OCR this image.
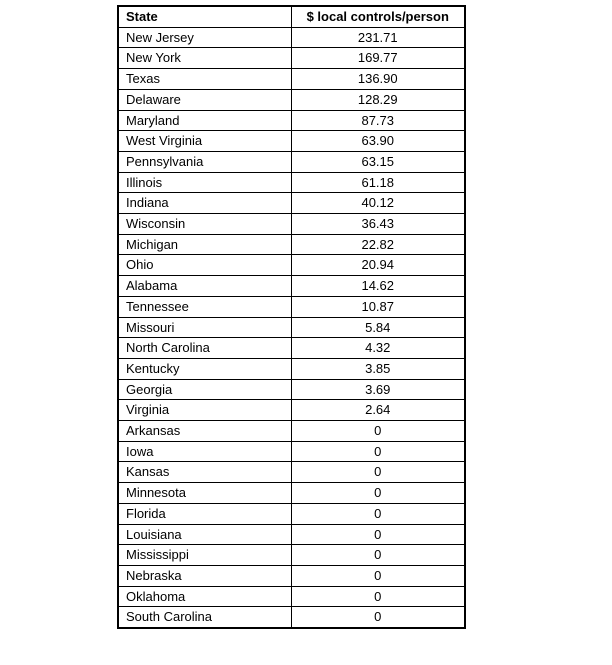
State	$ local controls/person
New Jersey	231.71
New York	169.77
Texas	136.90
Delaware	128.29
Maryland	87.73
West Virginia	63.90
Pennsylvania	63.15
Illinois	61.18
Indiana	40.12
Wisconsin	36.43
Michigan	22.82
Ohio	20.94
Alabama	14.62
Tennessee	10.87
Missouri	5.84
North Carolina	4.32
Kentucky	3.85
Georgia	3.69
Virginia	2.64
Arkansas	0
Iowa	0
Kansas	0
Minnesota	0
Florida	0
Louisiana	0
Mississippi	0
Nebraska	0
Oklahoma	0
South Carolina	0
